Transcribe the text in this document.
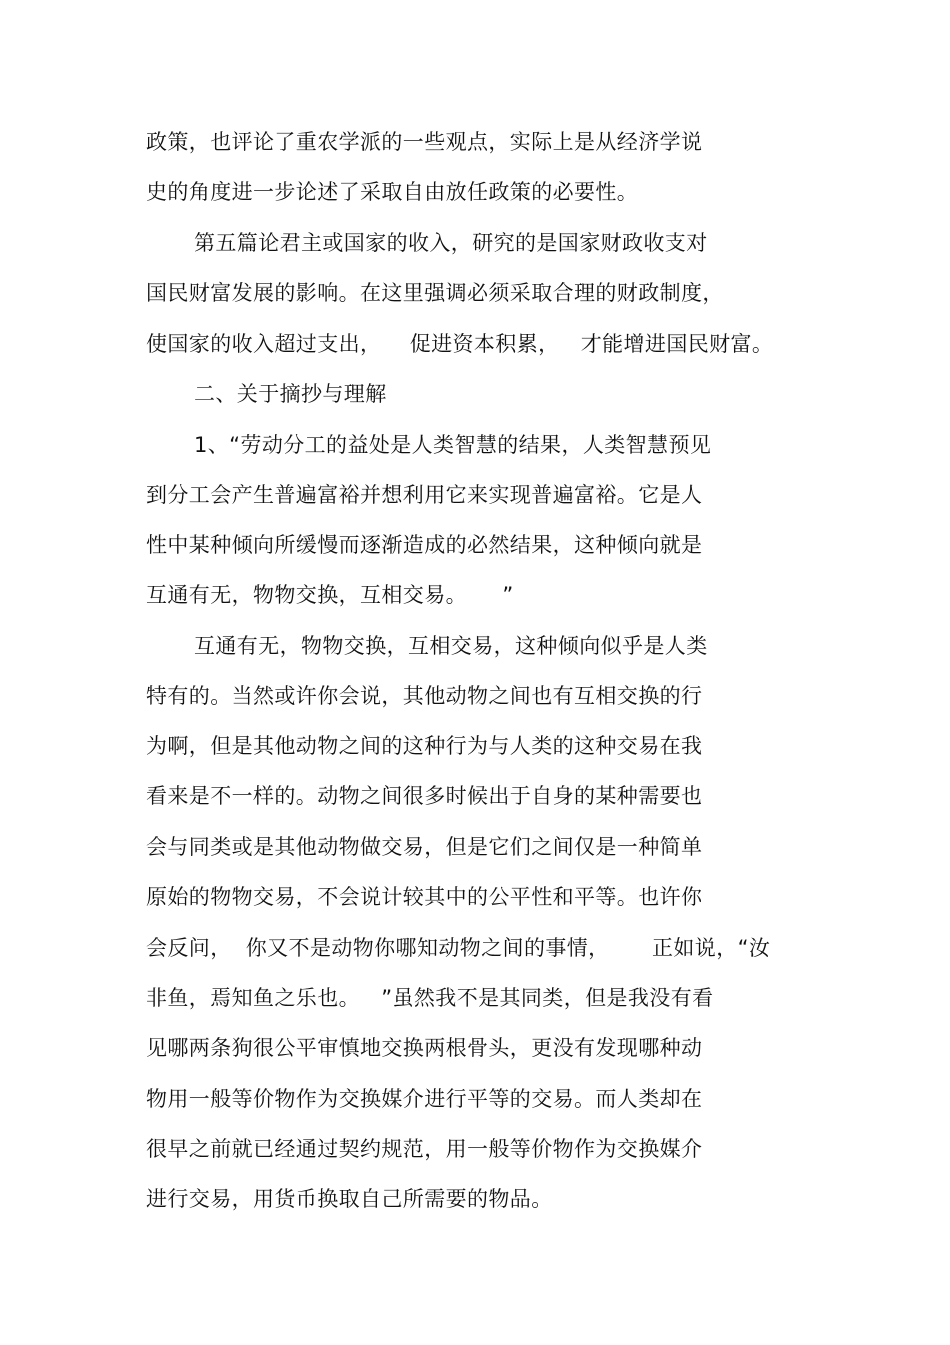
政策，也评论了重农学派的一些观点，实际上是从经济学说
史的角度进一步论述了采取自由放任政策的必要性。
第五篇论君主或国家的收入，研究的是国家财政收支对
国民财富发展的影响。在这里强调必须采取合理的财政制度，
使国家的收入超过支出，    促进资本积累，   才能增进国民财富。
二、关于摘抄与理解
1、“劳动分工的益处是人类智慧的结果，人类智慧预见
到分工会产生普遍富裕并想利用它来实现普遍富裕。它是人
性中某种倾向所缓慢而逐渐造成的必然结果，这种倾向就是
互通有无，物物交换，互相交易。     ”
互通有无，物物交换，互相交易，这种倾向似乎是人类
特有的。当然或许你会说，其他动物之间也有互相交换的行
为啊，但是其他动物之间的这种行为与人类的这种交易在我
看来是不一样的。动物之间很多时候出于自身的某种需要也
会与同类或是其他动物做交易，但是它们之间仅是一种简单
原始的物物交易，不会说计较其中的公平性和平等。也许你
会反问，  你又不是动物你哪知动物之间的事情，      正如说，“汝
非鱼，焉知鱼之乐也。   ”虽然我不是其同类，但是我没有看
见哪两条狗很公平审慎地交换两根骨头，更没有发现哪种动
物用一般等价物作为交换媒介进行平等的交易。而人类却在
很早之前就已经通过契约规范，用一般等价物作为交换媒介
进行交易，用货币换取自己所需要的物品。
